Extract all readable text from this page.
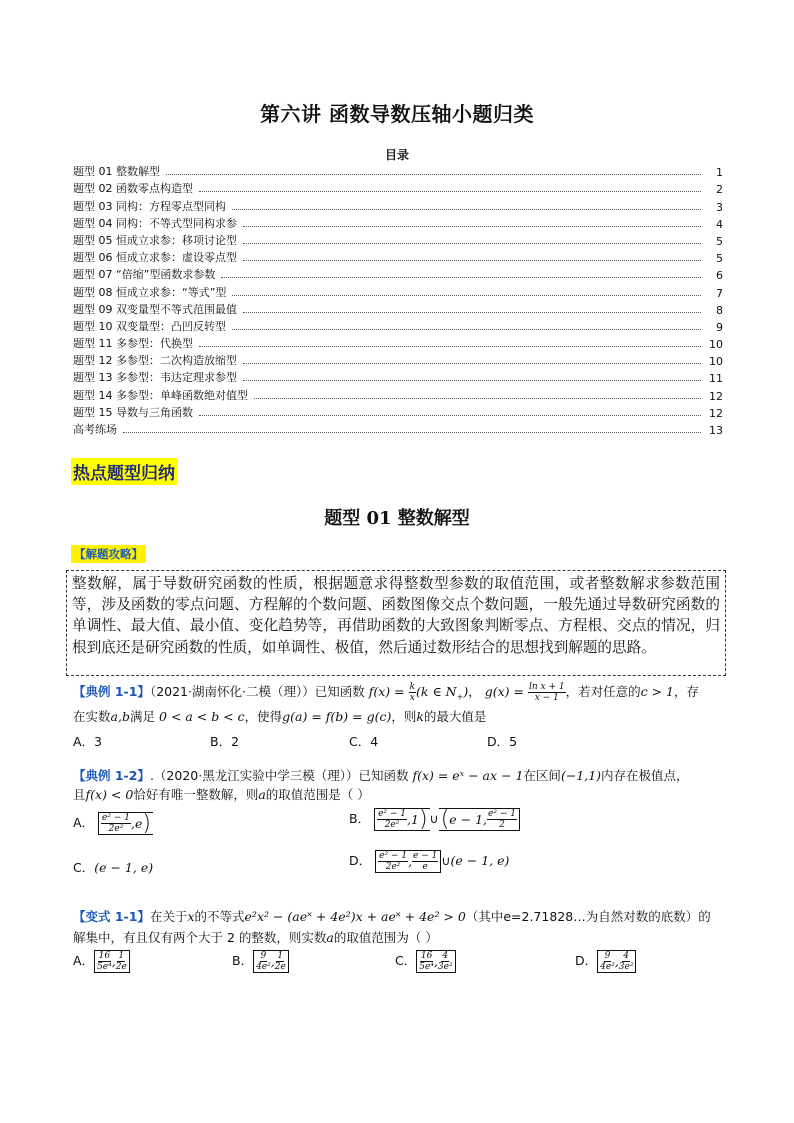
第六讲 函数导数压轴小题归类
目录
题型 01 整数解型	1
题型 02 函数零点构造型	2
题型 03 同构：方程零点型同构	3
题型 04 同构：不等式型同构求参	4
题型 05 恒成立求参：移项讨论型	5
题型 06 恒成立求参：虚设零点型	5
题型 07 “倍缩”型函数求参数	6
题型 08 恒成立求参：“等式”型	7
题型 09 双变量型不等式范围最值	8
题型 10 双变量型：凸凹反转型	9
题型 11 多参型：代换型	10
题型 12 多参型：二次构造放缩型	10
题型 13 多参型：韦达定理求参型	11
题型 14 多参型：单峰函数绝对值型	12
题型 15 导数与三角函数	12
高考练场	13
热点题型归纳
题型 01 整数解型
【解题攻略】
整数解，属于导数研究函数的性质，根据题意求得整数型参数的取值范围，或者整数解求参数范围等，涉及函数的零点问题、方程解的个数问题、函数图像交点个数问题，一般先通过导数研究函数的单调性、最大值、最小值、变化趋势等，再借助函数的大致图象判断零点、方程根、交点的情况，归根到底还是研究函数的性质，如单调性、极值，然后通过数形结合的思想找到解题的思路。
【典例 1-1】（2021·湖南怀化·二模（理））已知函数 $f(x) = \frac{k}{x} (k$ ∈ $N_+$)， $g(x) = \frac{\text{ln x + 1}}{x - 1}$ ，若对任意的c > 1，存
在实数a,b满足 0 < a < b < c，使得g(a) = f(b) = g(c)，则k的最大值是
A．3	B．2	C．4	D．5
【典例 1-2】.（2020·黑龙江实验中学三模（理））已知函数 f(x) = eˣ − ax − 1在区间(−1,1)内存在极值点，
且f(x) < 0恰好有唯一整数解，则a的取值范围是（ ）
A． $\frac{\text{e² − 1}}{\text{2e²}} ,e$ )	B． $\frac{\text{e² − 1}}{\text{2e²}} ,1$ ) ∪ ( e − 1, $\frac{\text{e² − 1}}{2}$
C．(e − 1, e)	D． $\frac{\text{e² − 1}}{\text{2e²}}$ , $\frac{e - 1}{e}$ ∪(e − 1, e)
【变式 1-1】在关于x的不等式e²x² − (ae˟ + 4e²)x + ae˟ + 4e² > 0（其中e=2.71828…为自然对数的底数）的
解集中，有且仅有两个大于 2 的整数，则实数a的取值范围为（ ）
A． $\frac{16}{\text{5e⁴}}$ , $\frac{1}{2e}$	B． $\frac{9}{\text{4e²}}$ , $\frac{1}{2e}$	C． $\frac{16}{\text{5e⁴}}$ , $\frac{4}{\text{3e²}}$	D． $\frac{9}{\text{4e²}}$ , $\frac{4}{\text{3e²}}$
